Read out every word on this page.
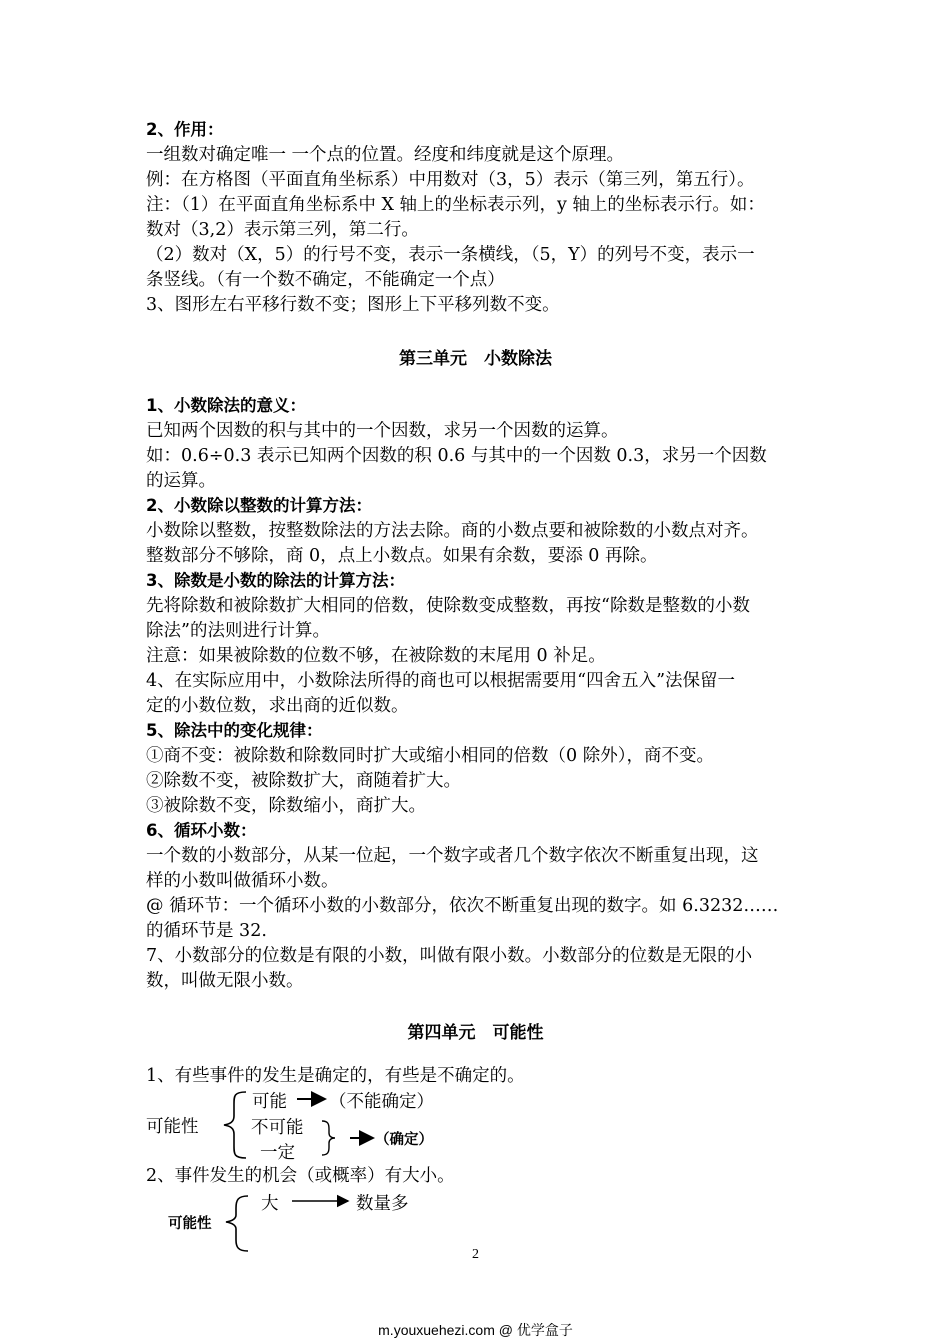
2、作用：
一组数对确定唯一 一个点的位置。经度和纬度就是这个原理。
例：在方格图（平面直角坐标系）中用数对（3，5）表示（第三列，第五行）。
注：（1）在平面直角坐标系中 X 轴上的坐标表示列，y 轴上的坐标表示行。如：
数对（3,2）表示第三列，第二行。
（2）数对（X，5）的行号不变，表示一条横线，（5，Y）的列号不变，表示一
条竖线。（有一个数不确定，不能确定一个点）
3、图形左右平移行数不变；图形上下平移列数不变。
第三单元　小数除法
1、小数除法的意义：
已知两个因数的积与其中的一个因数，求另一个因数的运算。
如：0.6÷0.3 表示已知两个因数的积 0.6 与其中的一个因数 0.3，求另一个因数
的运算。
2、小数除以整数的计算方法：
小数除以整数，按整数除法的方法去除。商的小数点要和被除数的小数点对齐。
整数部分不够除，商 0，点上小数点。如果有余数，要添 0 再除。
3、除数是小数的除法的计算方法：
先将除数和被除数扩大相同的倍数，使除数变成整数，再按“除数是整数的小数
除法”的法则进行计算。
注意：如果被除数的位数不够，在被除数的末尾用 0 补足。
4、在实际应用中，小数除法所得的商也可以根据需要用“四舍五入”法保留一
定的小数位数，求出商的近似数。
5、除法中的变化规律：
①商不变：被除数和除数同时扩大或缩小相同的倍数（0 除外），商不变。
②除数不变，被除数扩大，商随着扩大。
③被除数不变，除数缩小，商扩大。
6、循环小数：
一个数的小数部分，从某一位起，一个数字或者几个数字依次不断重复出现，这
样的小数叫做循环小数。
@ 循环节：一个循环小数的小数部分，依次不断重复出现的数字。如 6.3232……
的循环节是 32.
7、小数部分的位数是有限的小数，叫做有限小数。小数部分的位数是无限的小
数，叫做无限小数。
第四单元　可能性
1、有些事件的发生是确定的，有些是不确定的。
可能性
可能 （不能确定）
不可能
一定
（确定）
2、事件发生的机会（或概率）有大小。
可能性
大	数量多
2
m.youxuehezi.com @ 优学盒子
